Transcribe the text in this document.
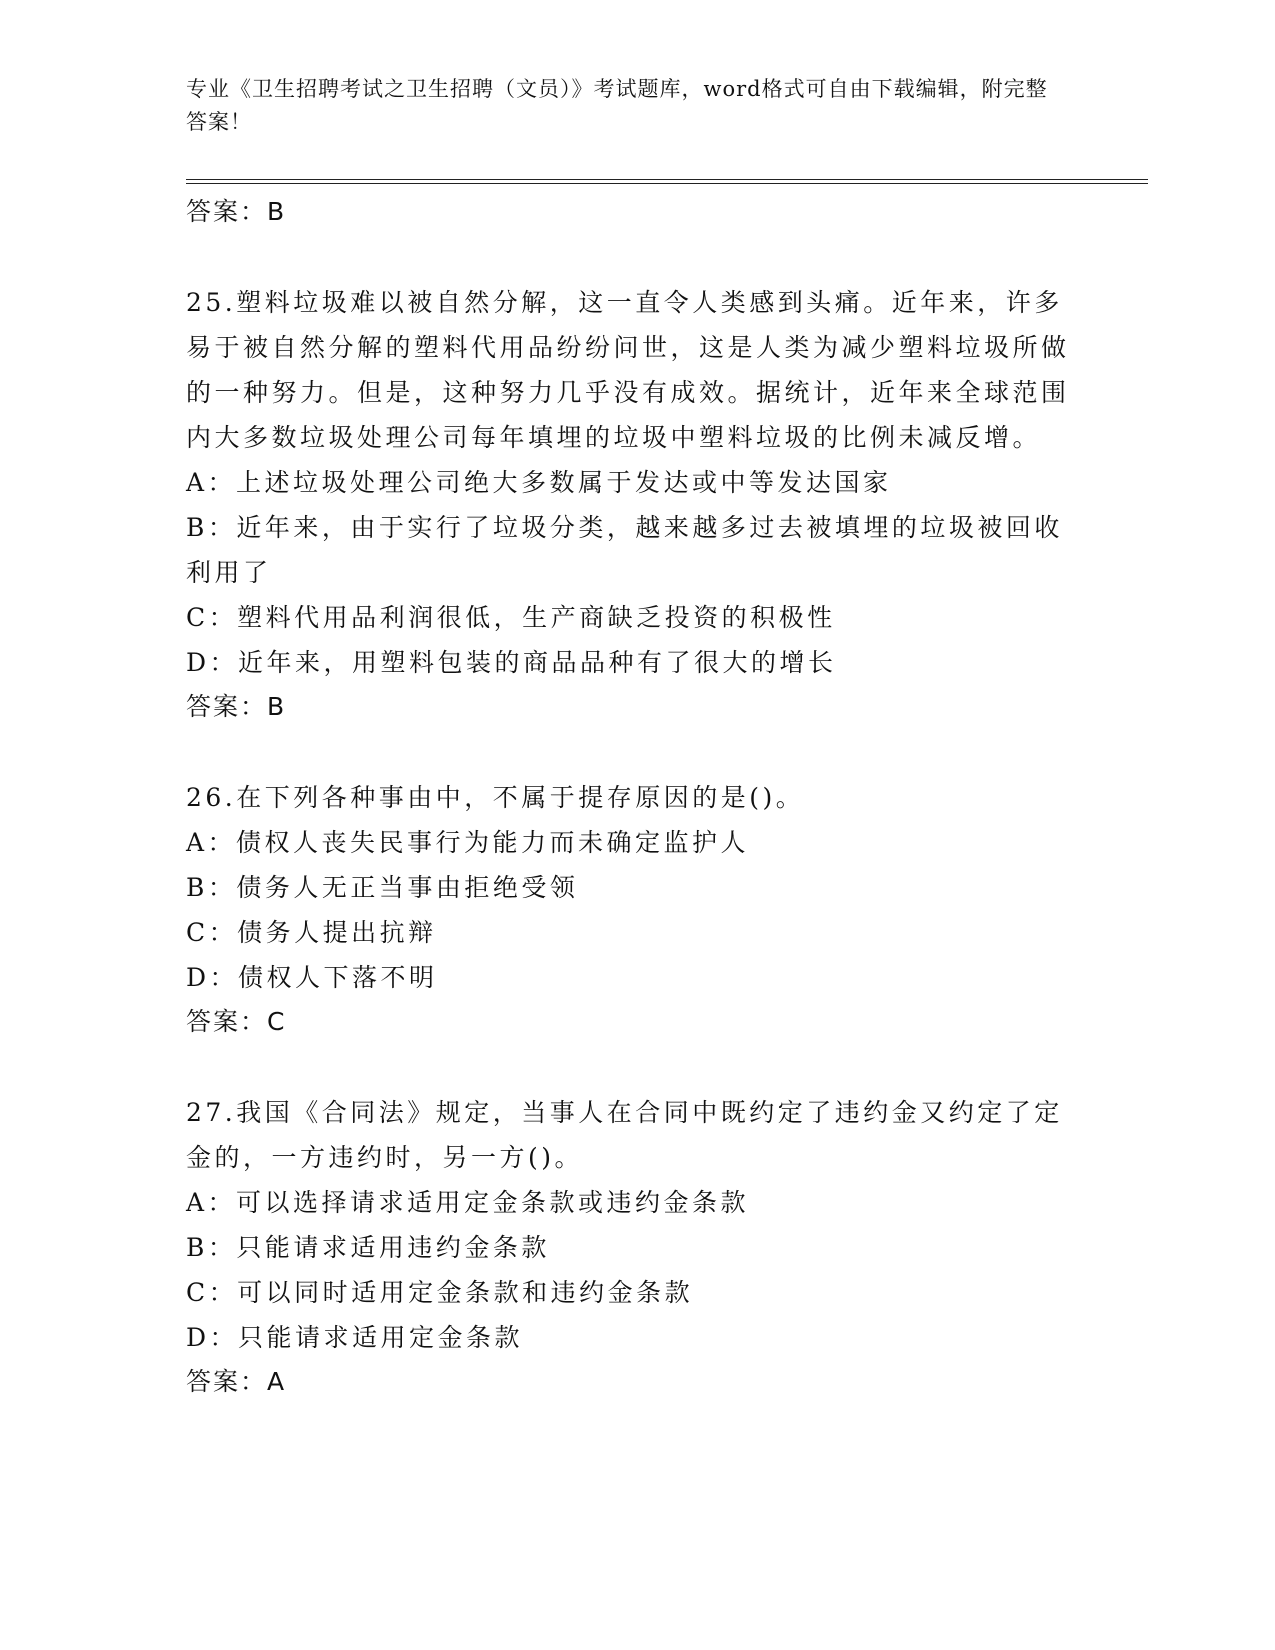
专业《卫生招聘考试之卫生招聘（文员）》考试题库，word格式可自由下载编辑，附完整答案！
答案：B
25.塑料垃圾难以被自然分解，这一直令人类感到头痛。近年来，许多易于被自然分解的塑料代用品纷纷问世，这是人类为减少塑料垃圾所做的一种努力。但是，这种努力几乎没有成效。据统计，近年来全球范围内大多数垃圾处理公司每年填埋的垃圾中塑料垃圾的比例未减反增。
A：上述垃圾处理公司绝大多数属于发达或中等发达国家
B：近年来，由于实行了垃圾分类，越来越多过去被填埋的垃圾被回收利用了
C：塑料代用品利润很低，生产商缺乏投资的积极性
D：近年来，用塑料包装的商品品种有了很大的增长
答案：B
26.在下列各种事由中，不属于提存原因的是()。
A：债权人丧失民事行为能力而未确定监护人
B：债务人无正当事由拒绝受领
C：债务人提出抗辩
D：债权人下落不明
答案：C
27.我国《合同法》规定，当事人在合同中既约定了违约金又约定了定金的，一方违约时，另一方()。
A：可以选择请求适用定金条款或违约金条款
B：只能请求适用违约金条款
C：可以同时适用定金条款和违约金条款
D：只能请求适用定金条款
答案：A
